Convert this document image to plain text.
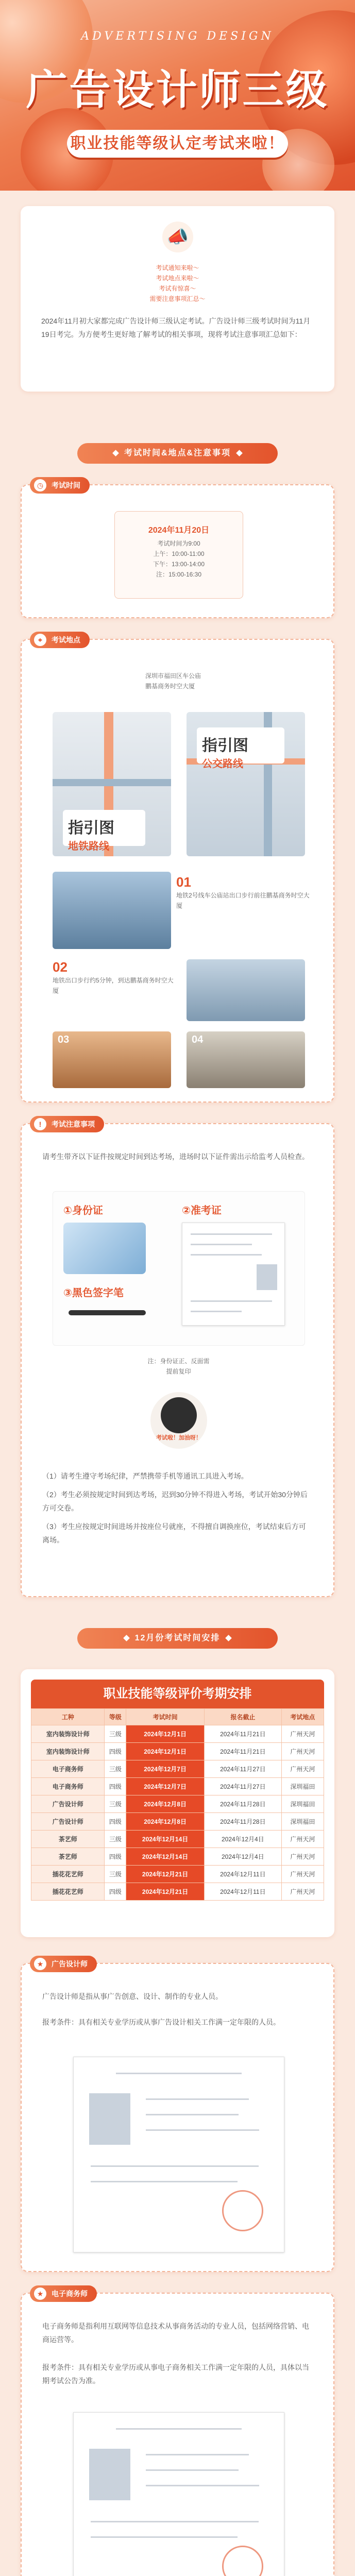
ADVERTISING DESIGN
广告设计师三级
职业技能等级认定考试来啦！
📣
考试通知来啦～
考试地点来啦～
考试有惊喜～
需要注意事项汇总～
2024年11月初大家都完成广告设计师三级认定考试。广告设计师三级考试时间为11月19日考完。为方便考生更好地了解考试的相关事项，现将考试注意事项汇总如下：
考试时间&地点&注意事项
◷	考试时间
2024年11月20日
考试时间为9:00
上午：10:00-11:00
下午：13:00-14:00
注：15:00-16:30
⌖	考试地点
深圳市福田区车公庙
鹏基商务时空大厦
指引图
地铁路线
指引图
公交路线
01
地铁2号线车公庙站出口步行前往鹏基商务时空大厦
02
地铁出口步行约5分钟，到达鹏基商务时空大厦
03	04
!	考试注意事项
请考生带齐以下证件按规定时间到达考场，进场时以下证件需出示给监考人员检查。
①身份证	②准考证
③黑色签字笔
注：身份证正、反面需
提前复印
考试啦！加油呀！
（1）请考生遵守考场纪律，严禁携带手机等通讯工具进入考场。
（2）考生必须按规定时间到达考场，迟到30分钟不得进入考场，考试开始30分钟后方可交卷。
（3）考生应按规定时间进场并按座位号就座，不得擅自调换座位，考试结束后方可离场。
12月份考试时间安排
职业技能等级评价考期安排
工种	等级	考试时间	报名截止	考试地点
室内装饰设计师	三级	2024年12月1日	2024年11月21日	广州天河
室内装饰设计师	四级	2024年12月1日	2024年11月21日	广州天河
电子商务师	三级	2024年12月7日	2024年11月27日	广州天河
电子商务师	四级	2024年12月7日	2024年11月27日	深圳福田
广告设计师	三级	2024年12月8日	2024年11月28日	深圳福田
广告设计师	四级	2024年12月8日	2024年11月28日	深圳福田
茶艺师	三级	2024年12月14日	2024年12月4日	广州天河
茶艺师	四级	2024年12月14日	2024年12月4日	广州天河
插花花艺师	三级	2024年12月21日	2024年12月11日	广州天河
插花花艺师	四级	2024年12月21日	2024年12月11日	广州天河
★	广告设计师
广告设计师是指从事广告创意、设计、制作的专业人员。
报考条件：具有相关专业学历或从事广告设计相关工作满一定年限的人员。
★	电子商务师
电子商务师是指利用互联网等信息技术从事商务活动的专业人员，包括网络营销、电商运营等。
报考条件：具有相关专业学历或从事电子商务相关工作满一定年限的人员，具体以当期考试公告为准。
